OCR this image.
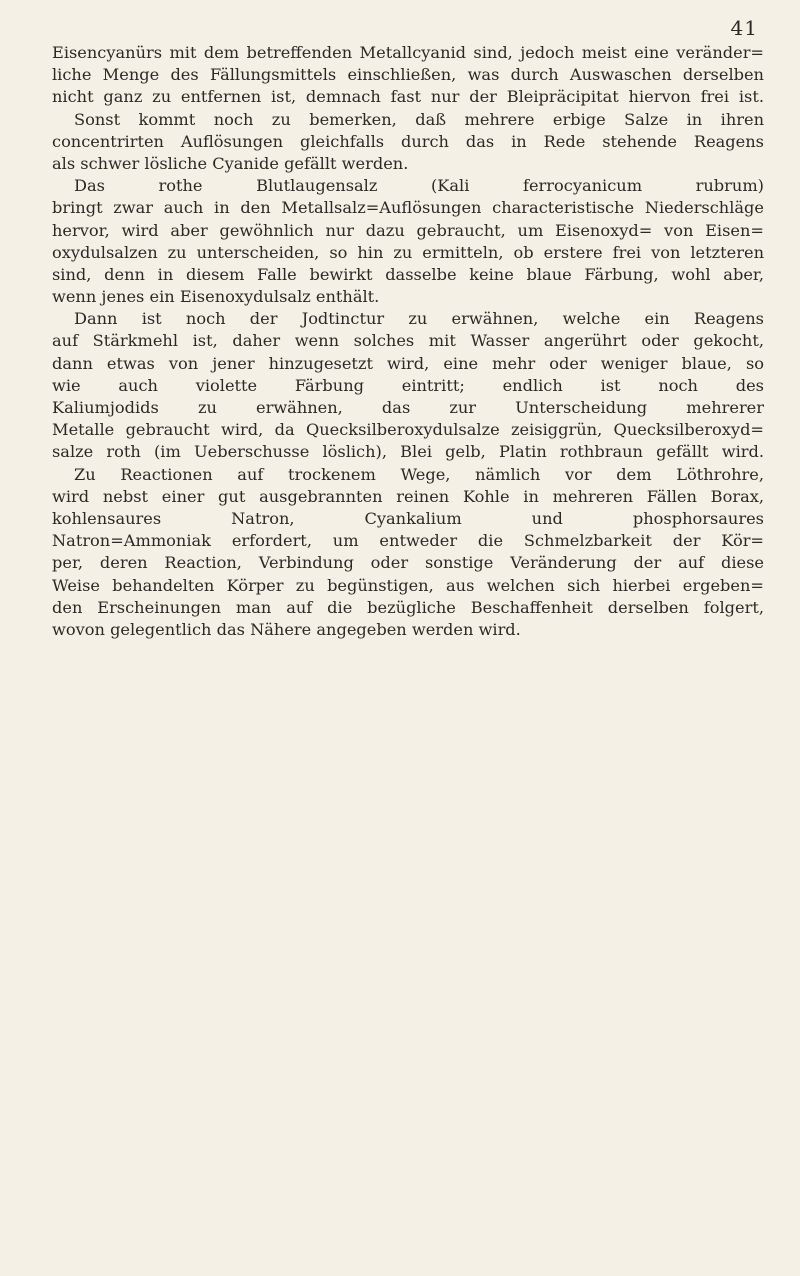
41
Eisencyanürs mit dem betreffenden Metallcyanid sind, jedoch meist eine veränder=
liche Menge des Fällungsmittels einschließen, was durch Auswaschen derselben
nicht ganz zu entfernen ist, demnach fast nur der Bleipräcipitat hiervon frei ist.
Sonst kommt noch zu bemerken, daß mehrere erbige Salze in ihren
concentrirten Auflösungen gleichfalls durch das in Rede stehende Reagens
als schwer lösliche Cyanide gefällt werden.
Das rothe Blutlaugensalz (Kali ferrocyanicum rubrum)
bringt zwar auch in den Metallsalz=Auflösungen characteristische Niederschläge
hervor, wird aber gewöhnlich nur dazu gebraucht, um Eisenoxyd= von Eisen=
oxydulsalzen zu unterscheiden, so hin zu ermitteln, ob erstere frei von letzteren
sind, denn in diesem Falle bewirkt dasselbe keine blaue Färbung, wohl aber,
wenn jenes ein Eisenoxydulsalz enthält.
Dann ist noch der Jodtinctur zu erwähnen, welche ein Reagens
auf Stärkmehl ist, daher wenn solches mit Wasser angerührt oder gekocht,
dann etwas von jener hinzugesetzt wird, eine mehr oder weniger blaue, so
wie auch violette Färbung eintritt; endlich ist noch des
Kaliumjodids zu erwähnen, das zur Unterscheidung mehrerer
Metalle gebraucht wird, da Quecksilberoxydulsalze zeisiggrün, Quecksilberoxyd=
salze roth (im Ueberschusse löslich), Blei gelb, Platin rothbraun gefällt wird.
Zu Reactionen auf trockenem Wege, nämlich vor dem Löthrohre,
wird nebst einer gut ausgebrannten reinen Kohle in mehreren Fällen Borax,
kohlensaures Natron, Cyankalium und phosphorsaures
Natron=Ammoniak erfordert, um entweder die Schmelzbarkeit der Kör=
per, deren Reaction, Verbindung oder sonstige Veränderung der auf diese
Weise behandelten Körper zu begünstigen, aus welchen sich hierbei ergeben=
den Erscheinungen man auf die bezügliche Beschaffenheit derselben folgert,
wovon gelegentlich das Nähere angegeben werden wird.
